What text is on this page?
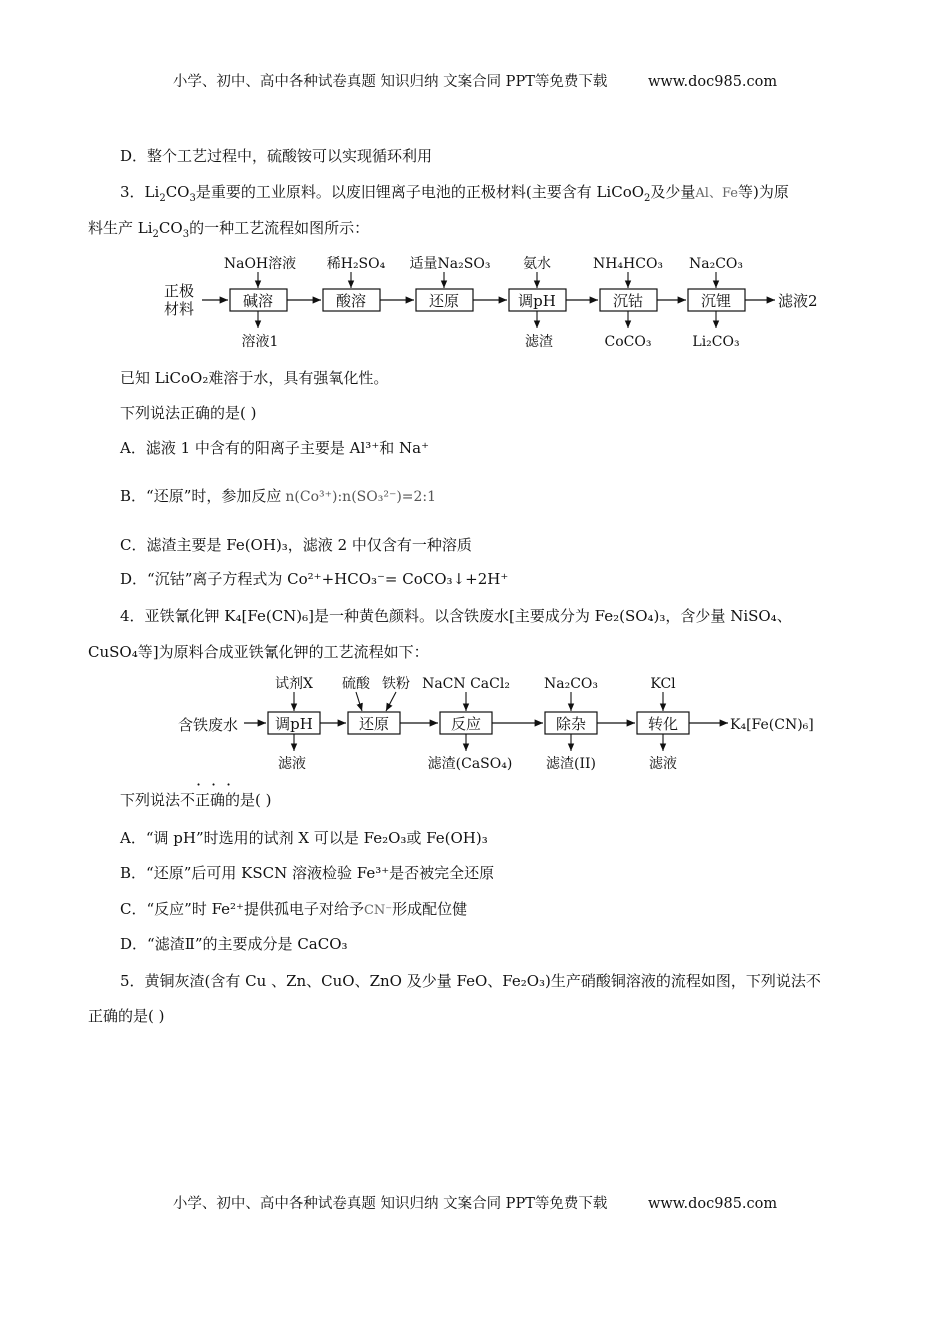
小学、初中、高中各种试卷真题 知识归纳 文案合同 PPT等免费下载	www.doc985.com
D．整个工艺过程中，硫酸铵可以实现循环利用
3．$Li_2CO_3$是重要的工业原料。以废旧锂离子电池的正极材料(主要含有 LiCoO$_2$及少量Al、Fe等)为原
料生产 $Li_2CO_3$的一种工艺流程如图所示：
正极
材料	碱溶	酸溶	还原	调pH	沉钴	沉锂	滤液2
NaOH溶液 稀H₂SO₄ 适量Na₂SO₃ 氨水	NH₄HCO₃ Na₂CO₃
溶液1	滤渣	CoCO₃	Li₂CO₃
已知 LiCoO₂难溶于水，具有强氧化性。
下列说法正确的是( )
A．滤液 1 中含有的阳离子主要是 Al³⁺和 Na⁺
B．“还原”时，参加反应 n(Co³⁺):n(SO₃²⁻)=2:1
C．滤渣主要是 Fe(OH)₃，滤液 2 中仅含有一种溶质
D．“沉钴”离子方程式为 Co²⁺+HCO₃⁻= CoCO₃↓+2H⁺
4．亚铁氰化钾 K₄[Fe(CN)₆]是一种黄色颜料。以含铁废水[主要成分为 Fe₂(SO₄)₃，含少量 NiSO₄、
CuSO₄等]为原料合成亚铁氰化钾的工艺流程如下：
含铁废水 调pH	还原	反应	除杂	转化	K₄[Fe(CN)₆]
试剂X 硫酸 铁粉 NaCN CaCl₂ Na₂CO₃	KCl
滤液	滤渣(CaSO₄) 滤渣(II)	滤液
· · ·
下列说法不正确的是( )
A．“调 pH”时选用的试剂 X 可以是 Fe₂O₃或 Fe(OH)₃
B．“还原”后可用 KSCN 溶液检验 Fe³⁺是否被完全还原
C．“反应”时 Fe²⁺提供孤电子对给予CN⁻形成配位健
D．“滤渣Ⅱ”的主要成分是 CaCO₃
5．黄铜灰渣(含有 Cu 、Zn、CuO、ZnO 及少量 FeO、Fe₂O₃)生产硝酸铜溶液的流程如图，下列说法不
正确的是( )
小学、初中、高中各种试卷真题 知识归纳 文案合同 PPT等免费下载	www.doc985.com
